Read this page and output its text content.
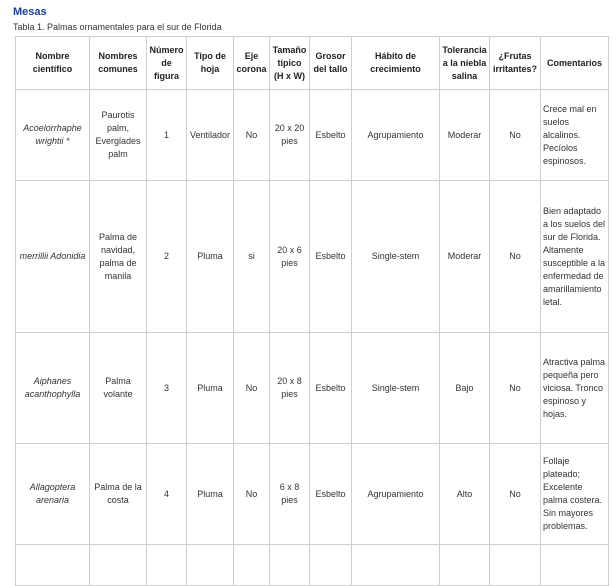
Mesas
Tabla 1. Palmas ornamentales para el sur de Florida
Nombre científico	Nombres comunes	Número de figura	Tipo de hoja	Eje corona	Tamaño típico (H x W)	Grosor del tallo	Hábito de crecimiento	Tolerancia a la niebla salina	¿Frutas irritantes?	Comentarios
Acoelorrhaphe wrightii *	Paurotis palm, Everglades palm	1	Ventilador	No	20 x 20 pies	Esbelto	Agrupamiento	Moderar	No	Crece mal en suelos alcalinos. Pecíolos espinosos.
merrillii Adonidia	Palma de navidad, palma de manila	2	Pluma	si	20 x 6 pies	Esbelto	Single-stem	Moderar	No	Bien adaptado a los suelos del sur de Florida. Altamente susceptible a la enfermedad de amarillamiento letal.
Aiphanes acanthophylla	Palma volante	3	Pluma	No	20 x 8 pies	Esbelto	Single-stem	Bajo	No	Atractiva palma pequeña pero viciosa. Tronco espinoso y hojas.
Allagoptera arenaria	Palma de la costa	4	Pluma	No	6 x 8 pies	Esbelto	Agrupamiento	Alto	No	Follaje plateado; Excelente palma costera. Sin mayores problemas.
